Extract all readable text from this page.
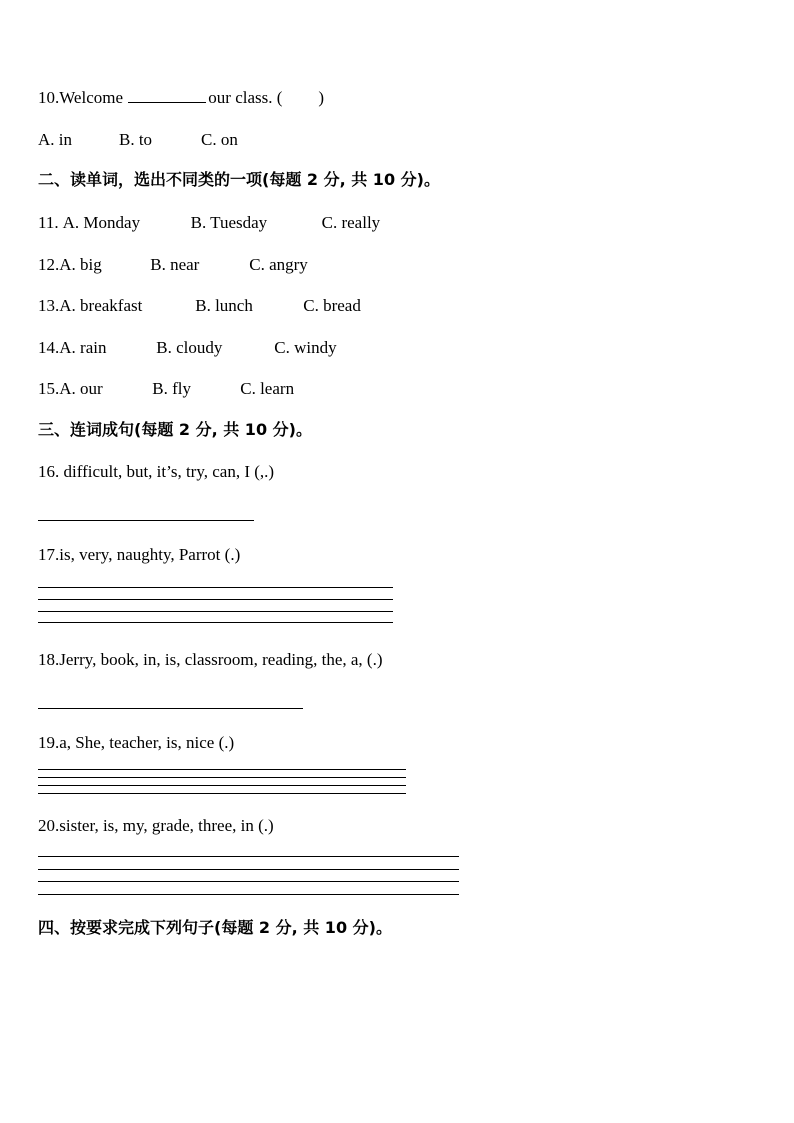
10.Welcome	our class. ( )
A. in	B. to	C. on
二、读单词，选出不同类的一项(每题 2 分, 共 10 分)。
11. A. Monday	B. Tuesday	C. really
12.A. big	B. near	C. angry
13.A. breakfast	B. lunch	C. bread
14.A. rain	B. cloudy	C. windy
15.A. our	B. fly	C. learn
三、连词成句(每题 2 分, 共 10 分)。
16. difficult, but, it’s, try, can, I (,.)
17.is, very, naughty, Parrot (.)
18.Jerry, book, in, is, classroom, reading, the, a, (.)
19.a, She, teacher, is, nice (.)
20.sister, is, my, grade, three, in (.)
四、按要求完成下列句子(每题 2 分, 共 10 分)。
